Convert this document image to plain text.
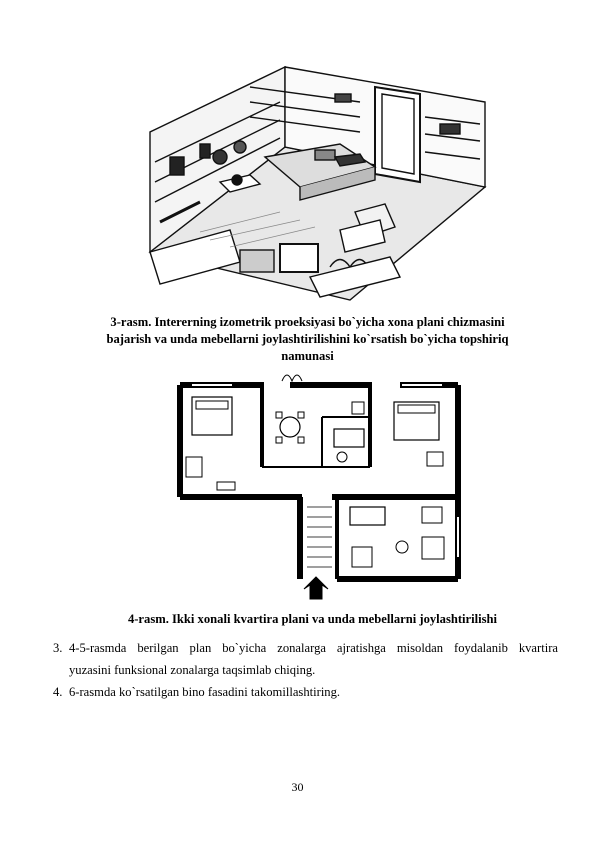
3-rasm. Intererning izometrik proeksiyasi bo`yicha xona plani chizmasini
bajarish va unda mebellarni joylashtirilishini ko`rsatish bo`yicha topshiriq
namunasi
4-rasm. Ikki xonali kvartira plani va unda mebellarni joylashtirilishi
3. 4-5-rasmda berilgan plan bo`yicha zonalarga ajratishga misoldan foydalanib kvartira
yuzasini funksional zonalarga taqsimlab chiqing.
4. 6-rasmda ko`rsatilgan bino fasadini takomillashtiring.
30
